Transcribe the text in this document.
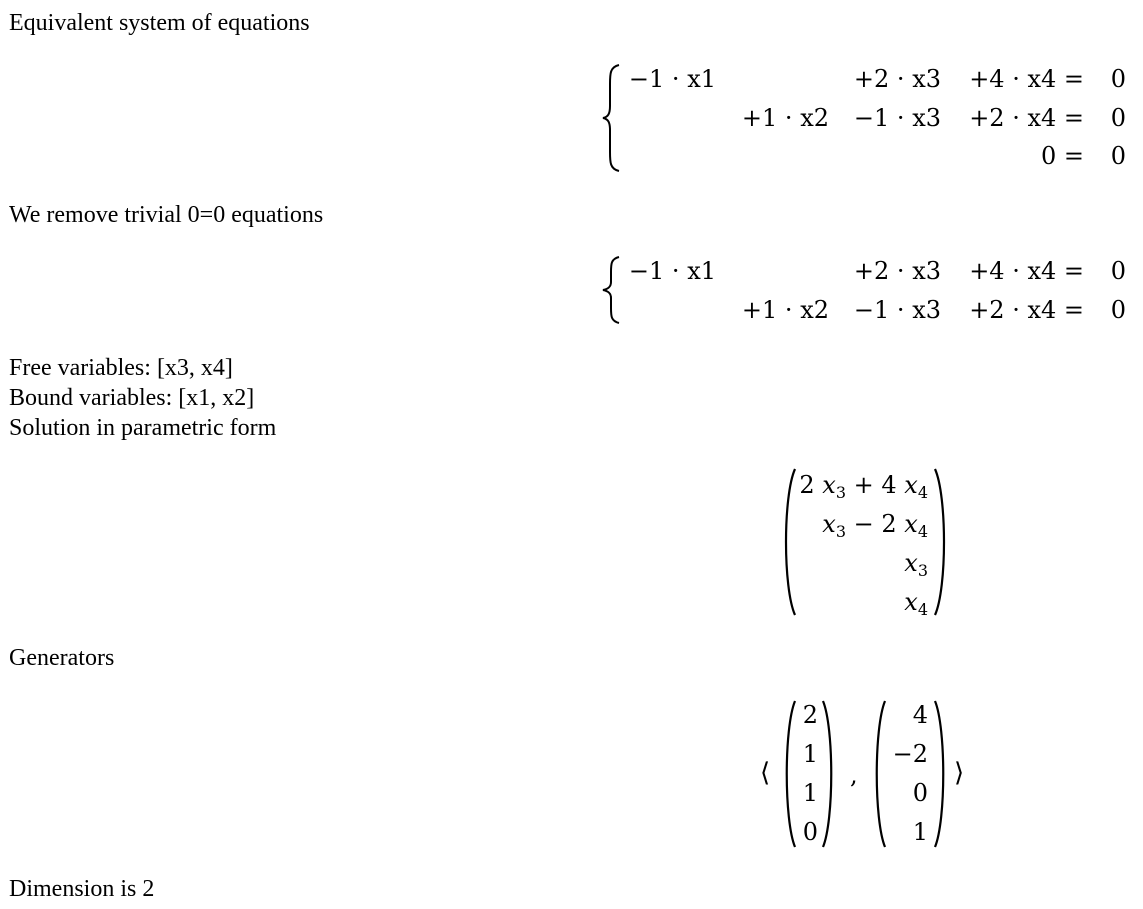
Equivalent system of equations
−1 · x1	+2 · x3 +4 · x4 = 0
+1 · x2 −1 · x3 +2 · x4 = 0
0 = 0
We remove trivial 0=0 equations
−1 · x1	+2 · x3 +4 · x4 = 0
+1 · x2 −1 · x3 +2 · x4 = 0
Free variables: [x3, x4]
Bound variables: [x1, x2]
Solution in parametric form
2 $x_3 + 4$ $x_4$
$x_3 - 2$ $x_4$
$x_3$
$x_4$
Generators
⟨
2
1
1
0
,
4
−2
0
1
⟩
Dimension is 2
